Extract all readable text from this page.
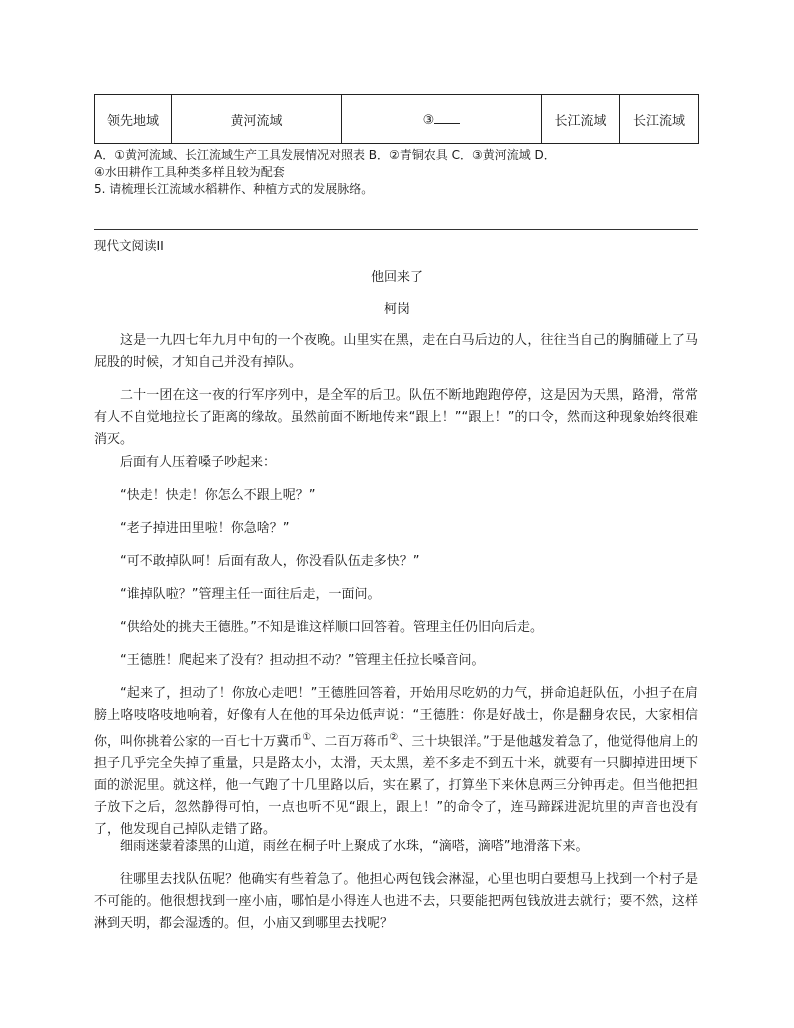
领先地域	黄河流域	③	长江流域	长江流域
A．①黄河流域、长江流域生产工具发展情况对照表 B．②青铜农具 C．③黄河流域 D．
④水田耕作工具种类多样且较为配套
5. 请梳理长江流域水稻耕作、种植方式的发展脉络。
现代文阅读II
他回来了
柯岗
这是一九四七年九月中旬的一个夜晚。山里实在黑，走在白马后边的人，往往当自己的胸脯碰上了马屁股的时候，才知自己并没有掉队。
二十一团在这一夜的行军序列中，是全军的后卫。队伍不断地跑跑停停，这是因为天黑，路滑，常常有人不自觉地拉长了距离的缘故。虽然前面不断地传来“跟上！”“跟上！”的口令，然而这种现象始终很难消灭。
后面有人压着嗓子吵起来：
“快走！快走！你怎么不跟上呢？”
“老子掉进田里啦！你急啥？”
“可不敢掉队呵！后面有敌人，你没看队伍走多快？”
“谁掉队啦？”管理主任一面往后走，一面问。
“供给处的挑夫王德胜。”不知是谁这样顺口回答着。管理主任仍旧向后走。
“王德胜！爬起来了没有？担动担不动？”管理主任拉长嗓音问。
“起来了，担动了！你放心走吧！”王德胜回答着，开始用尽吃奶的力气，拼命追赶队伍，小担子在肩膀上咯吱咯吱地响着，好像有人在他的耳朵边低声说：“王德胜：你是好战士，你是翻身农民，大家相信你，叫你挑着公家的一百七十万冀币①、二百万蒋币②、三十块银洋。”于是他越发着急了，他觉得他肩上的担子几乎完全失掉了重量，只是路太小，太滑，天太黑，差不多走不到五十米，就要有一只脚掉进田埂下面的淤泥里。就这样，他一气跑了十几里路以后，实在累了，打算坐下来休息两三分钟再走。但当他把担子放下之后，忽然静得可怕，一点也听不见“跟上，跟上！”的命令了，连马蹄踩进泥坑里的声音也没有了，他发现自己掉队走错了路。
细雨迷蒙着漆黑的山道，雨丝在桐子叶上聚成了水珠，“滴嗒，滴嗒”地滑落下来。
往哪里去找队伍呢？他确实有些着急了。他担心两包钱会淋湿，心里也明白要想马上找到一个村子是不可能的。他很想找到一座小庙，哪怕是小得连人也进不去，只要能把两包钱放进去就行；要不然，这样淋到天明，都会湿透的。但，小庙又到哪里去找呢？
